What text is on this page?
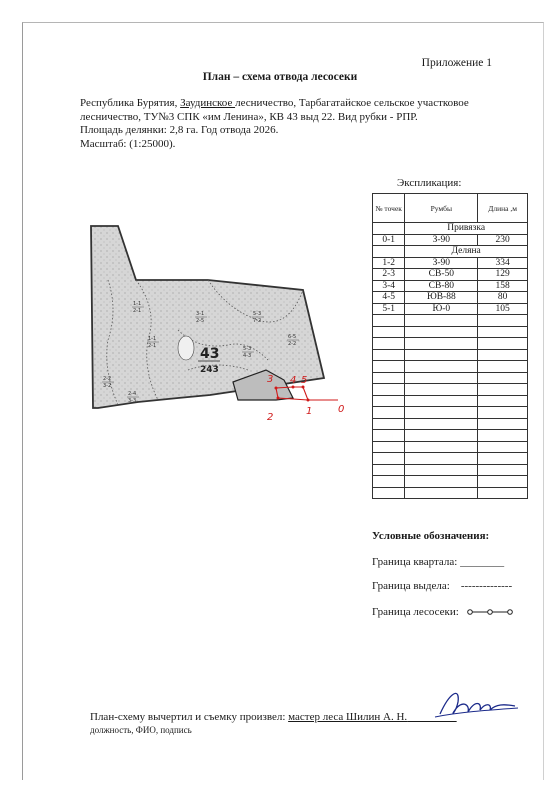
Приложение 1
План – схема отвода лесосеки
Республика Бурятия, Заудинское лесничество, Тарбагатайское сельское участковое
лесничество, ТУ№3 СПК «им Ленина», КВ 43 выд 22. Вид рубки - РПР.
Площадь делянки: 2,8 га. Год отвода 2026.
Масштаб: (1:25000).
1-1
2-1	3-1
2-5
1-1
2-1
5-3
7-2
6-5
2-2
5-3
4-3
2-2
3-2
2-4
3-3
43
243
0
1
2
3 4 5
Экспликация:
№ точек	Румбы	Длина ,м
	Привязка	
0-1	З-90	230
	Деляна	
1-2	З-90	334
2-3	СВ-50	129
3-4	СВ-80	158
4-5	ЮВ-88	80
5-1	Ю-0	105

Условные обозначения:
Граница квартала: ________
Граница выдела: --------------
Граница лесосеки:
План-схему вычертил и съемку произвел: мастер леса Шилин А. Н.
должность, ФИО, подпись
